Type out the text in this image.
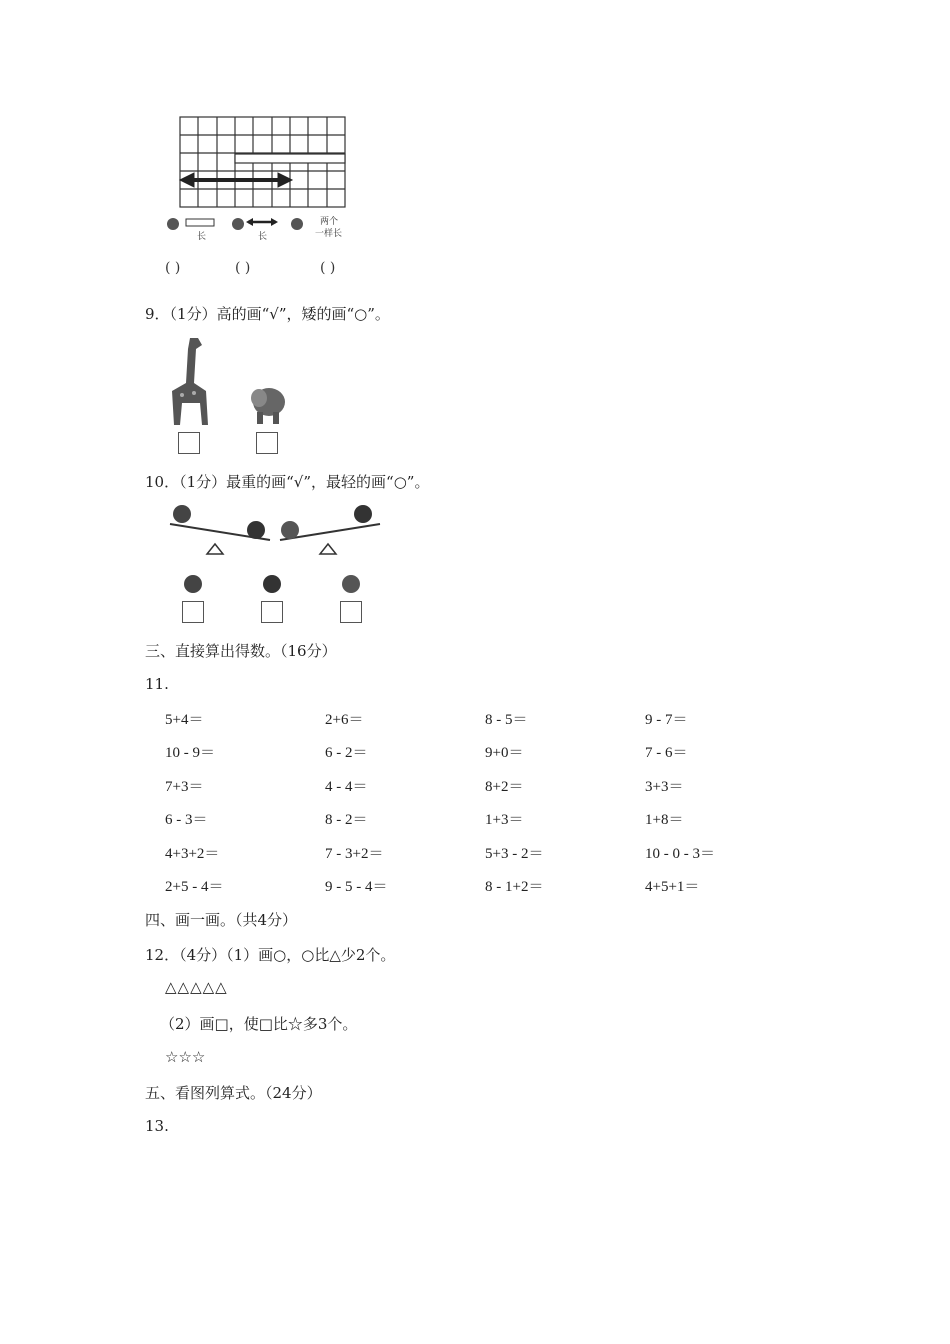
长	长
两个
一样长
( )	( )	( )
9．（1分）高的画“√”，矮的画“○”。
10．（1分）最重的画“√”，最轻的画“○”。
三、直接算出得数。（16分）
11.
5+4＝	2+6＝	8 - 5＝	9 - 7＝
10 - 9＝	6 - 2＝	9+0＝	7 - 6＝
7+3＝	4 - 4＝	8+2＝	3+3＝
6 - 3＝	8 - 2＝	1+3＝	1+8＝
4+3+2＝	7 - 3+2＝	5+3 - 2＝	10 - 0 - 3＝
2+5 - 4＝	9 - 5 - 4＝	8 - 1+2＝	4+5+1＝
四、画一画。（共4分）
12．（4分）（1）画○，○比△少2个。
△△△△△
（2）画□，使□比☆多3个。
☆☆☆
五、看图列算式。（24分）
13.
